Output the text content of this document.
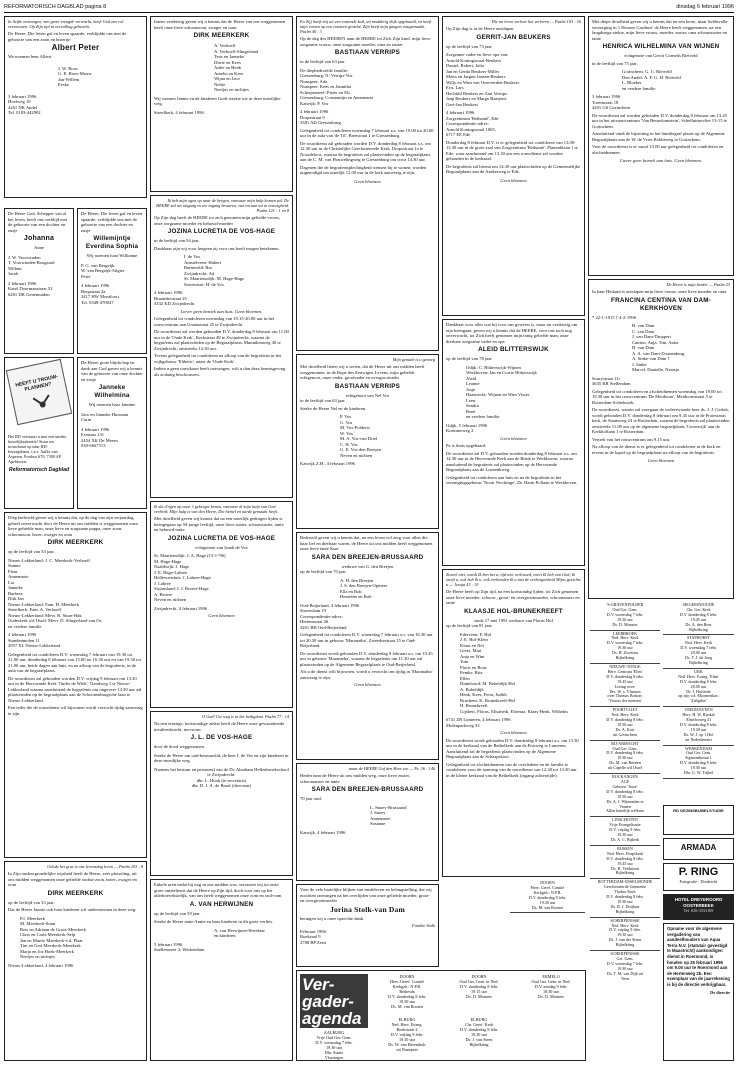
REFORMATORISCH DAGBLAD pagina 8	dinsdag 6 februari 1996
In liefde ontvangen, met grote vreugde verwacht, heeft God ons vol vertrouwen. Op Zijn tijd in vervulling gebracht.
De Heere, Die leven gaf en leven spaarde, verblijdde ons met de geboorte van een zoon en broertje
Albert Peter
We noemen hem Albert
J. W. Roos
G. E. Roos-Mouw
Jan-Willem
Eeske
3 februari 1996
Hoefweg 19
4261 NK Andel
Tel. 0183-442902
De Heere God, Schepper van al het leven, heeft ons verblijd met de geboorte van een dochter en zusje
Johanna
Anne
J. W. Voorwinden
T. Voorwinden-Boogaard
Willem
Jacob
2 februari 1996
Karel Doormanstraat 53
6281 DK Genemuiden
De Heere, Die leven gaf en leven spaarde, verblijdde ons met de geboorte van een dochter en zusje
Willemijntje Everdina Sophia
Wij noemen haar Willianne
P. G. van Bergeijk
W. van Bergeijk-Stigter
Peter
4 februari 1996
Bergstraat 2a
2417 HW Montfoort
Tel. 0348-470047
HEEFT U TROUW-PLANNEN?
Het RD verstuurt u met een unieke huwelijksattentie! Stuur uw trouwkaart op naar RD-bezorgdienst, t.a.v. Aafke van Asperen, Postbus 670, 7300 AP Apeldoorn.
Reformatorisch Dagblad
De Heere grote blijdschap en dank aan God gaven wij u kennis van de geboorte van onze dochter en zusje
Janneke Wilhelmina
Wij noemen haar Jannine
Jaco en Janneke Huisman
Carin
4 februari 1996
Evenaar 131
2454 XK De Meern
030-6667513
Diep bedroefd geven wij u kennis dat, op de dag van zijn verjaardag, geheel onverwacht door de Heere uit ons midden is weggenomen onze lieve gehielde man, onze lieve en zorgzame pappa, onze zoon, schoonzoon, broer, zwager en oom
DIRK MEERKERK
op de leeftijd van 33 jaar.
Nieuw-Lekkerland: J. C. Meerkerk-Verhoeff
Stanne
Fleur
Annemarie
Lia
Janneke
Barbera
Dirk Jan
Nieuw-Lekkerland: Fam. H. Meerkerk
Streefkerk: Fam. A. Verhoeff
Nieuw-Lekkerland: Mevr. B. Sturn-Hak
Ouderkerk a/d IJssel: Mevr. D. Slingerland-van Os
en verdere familie
4 februari 1996
Standenmolen 11
2957 XL Nieuw-Lekkerland
Gelegenheid tot condoleren D.V. woensdag 7 februari van 19.30 tot 21.00 uur, donderdag 8 februari van 15.00 tot 16.30 uur en van 19.30 tot 21.00 uur, beide dagen aan huis, en na afloop van de begrafenis, in de aula van de begraafplaats.
De rouwdienst zal gehouden worden D.V. vrijdag 9 februari om 13.30 uur in de Hervormde Kerk 'Onder de Wiek', Tiendweg 1 te Nieuw-Lekkerland waarna aansluitend de begrafenis om ongeveer 14.30 uur zal plaatsvinden op de begraafplaats aan de Schoonenburgsche laan te Nieuw-Lekkerland.
Een ieder die de rouwdienst wil bijwonen wordt verzocht tijdig aanwezig te zijn.
Gelukt het gras is ons levensdag leven — Psalm 103 : 8
In Zijn ondoorgrondelijke wijsheid heeft de Heere, zeer plotseling, uit ons midden weggenomen onze geliefde oudste zoon, broer, zwager en oom
DIRK MEERKERK
op de leeftijd van 33 jaar.
Dat de Heere Jannie ook haar kinderen wil ondersteunen in deze weg.
P.I. Meerkerk
M. Meerkerk-Stam
Bets en Adriaan de Groot-Meerkerk
Chris en Carla Meerkerk-Selp
Jan en Marrie Meerkerk-v.d. Plaat
Tini en Gert Meerkerk-Meerkerk
Marja en Jos Hoek-Meerkerk
Neefjes en nichtjes
Nieuw-Lekkerland, 4 februari 1996
Intens verdrietig geven wij u kennis dat de Heere van ons weggenomen heeft onze lieve schoonzoon, zwager en oom
DIRK MEERKERK
A. Verhoeff
A. Verhoeff-Slingerland
Teus en Janneke
Dirrie en Kees
Adrie en Henk
Amelia en Kees
Wijna en Jaco
Neltie
Neefjes en nichtjes
Wij wensen Jannie en de kinderen Gods sterkte toe in deze moeilijke weg.
Streefkerk, 4 februari 1996
Ik heb mijn ogen op naar de bergen, vanwaar mijn hulp komen zal. De HEERE zal uw uitgang en uw ingang bewaren, van nu aan tot in eeuwigheid. Psalm 121 : 1 en 8
Op Zijn dag heeft de HEERE tot zich genomen mijn geliefde vrouw, onze zorgzame moeder en behuwd-moeder
JOZINA LUCRETIA DE VOS-HAGE
in de leeftijd van 94 jaar.
Dankbaar zijn wij voor hetgeen zij voor ons heeft mogen betekenen.
I. de Vos
Amstelveen: Hubert
Barneveld: Ria
Zwijndrecht: Ad
St. Maartensdijk: M. Hage-Hage
Stavenisse: H. de Vos
4 februari 1996
Bruanderstraat 25
3332 KD Zwijndrecht
Liever geen bezoek aan huis. Geen bloemen.
Gelegenheid tot condoleren woensdag van 19.15-20.00 uur in het rouwcentrum aan Uraanstraat 25 te Zwijndrecht.
De rouwdienst zal worden gehouden D.V. donderdag 8 februari om 11.00 uur in de 'Oude Kerk', Kerkstraat 49 te Zwijndrecht, waarna de begrafenis zal plaatsvinden op de Begraafplaats, Munnikenweg 40 te Zwijndrecht, omstreeks 12.30 uur.
Tevens gelegenheid tot condoleren na afloop van de begrafenis in het wijkgebouw 'Elthetic', naast de 'Oude Kerk'.
Indien u geen rouwkaart heeft ontvangen, wilt u dan deze kennisgeving als zodanig beschouwen.
Ik sla d'ogen op naar 't gebergte henen, vanwaar ik mijn hulp van God verbeid; Mijn hulp is van den Heere, Die hemel en aarde gemaakt heeft.
Met droefheid geven wij kennis dat na een moeilijk gedragen lijden is heengegaan op 94-jarige leeftijd, onze lieve zuster, schoonzuster, tante en behuwd-tante
JOZINA LUCRETIA DE VOS-HAGE
echtgenote van Izaak de Vos
St. Maartensdijk: J. A. Hage (15-1-'96)
M. Hage-Hage
Naaldwijk: J. Hage
J. E. Hage-Labree
Hellevoetsluis: J. Labree-Hage
J. Labree
Sirjansland: I. J. Broere-Hage
A. Broere
Neven en nichten
Zwijndrecht, 4 februari 1996
Geen bloemen
O God! Uw weg is in het heiligdom. Psalm 77 : 14
Na een ernstige, kortstondige ziekte heeft de Heere onze gewaardeerde invalieerkracht, mevrouw
J. L. DE VOS-HAGE
door de dood weggenomen.
Sterke de Heere om oud-bestuurslid, de heer I. de Vos en zijn kinderen in deze moeilijke weg.
Namens het bestuur en personeel van de Dr. Abraham Hellenbroekschool te Zwijndrecht:
dhr. L. Hook (te secretaris)
dhr. D. J. A. de Brual (directeur)
Enkele uren nadat hij nog in ons midden was, verrasten wij tot onze grote ontsteltenis dat de Heere op Zijn tijd, doch voor ons op het allerhoevekstelijk, van ons heeft weggenomen onze oom en oud-oom
A. VAN HERWIJNEN
op de leeftijd van 59 jaar.
Sterke de Heere tante Annie en haar kinderen in dit grote verlies.
A. van Herwijnen-Havelaar
en kinderen
5 februari 1996
Snellenweer 2, Werkendam
En Zijj hoeft mij uit een ruisende kuil, uit modderig slijk opgehaald, en heeft mijn voeten op een rotsteen gesteld; Zijn heeft mijn gangen vastgemaakt. Psalm 40 : 3
Op de dag des HEEREN nam de HEERE tot Zich Zijn kind, mijn lieve zorgzame vrouw, onze zorgzame moeder, oma en zuster
BASTIAAN VERRIPS
in de leeftijd van 63 jaar
De diepbedroefde familie:
Giessenburg: N. Verrips-Vos
Nunspeet: Ada
Nunspeet: Kees en Jannitha
Scherpenzeel: Pieter en Els
Giessenburg: Constantijn en Annemarie
Katwijk: P. Vos
4 februari 1996
Dorpsstraat 9
3381 AD Giessenburg
Gelegenheid tot condoleren woensdag 7 februari a.s. van 19.00 tot 20.00 uur in de aula van 'de Til', Breestraat 1 te Giessenburg.
De rouwdienst zal gehouden worden D.V. donderdag 8 februari a.s. om 12.30 uur in de Christelijke Gereformeerde Kerk, Dorpsstraat 1a te Noordeloos, waarna de begrafenis zal plaatsvinden op de begraafplaats aan de C. M. van Houwelingweg te Giessenburg om circa 14.30 uur.
Dagenen die de begrafenisplechtigheid wensen bij te wonen, worden uitgenodigd om uiterlijk 12.00 uur in de kerk aanwezig te zijn.
Geen bloemen
Mijn genade is u genoeg
Met droefheid lieten wij u weten, dat de Heere uit ons midden heeft weggenomen, in de Rope des Eeuwigen Levens, mijn geliefde echtgenoot, onze vader, grootvader en overgrootvader
BASTIAAN VERRIPS
echtgenoot van Nel Vos
in de leeftijd van 63 jaar.
Sterke de Heere Nel en de kinderen.
P. Vos
G. Vos
M. Vos-Polderts
W. Vos
M. A. Vos-van Driel
C. H. Vos
G. E. Vos-den Breejen
Neven en nichten
Katwijk Z.H., 4 februari 1996
Bedroefd geven wij u kennis dat, na een leven vol zorg voor allen die haar lief en dierbaar waren, de Heere uit ons midden heeft weggenomen onze lieve tante Saar
SARA DEN BREEJEN-BRUSSAARD
weduwe van G. den Breejen
op de leeftijd van 70 jaar.
A. H. den Breejen
J. S. den Breejen-Opmeer
Ella en Bob
Henriëtte en Rob
Oud-Beijerland, 4 februari 1996
Stavenlaan 19
Correspondentie-adres:
Hertenstraat 26
3261 BH Oud-Beijerland
Gelegenheid tot condoleren D.V. woensdag 7 februari a.s. van 16.30 uur tot 20.30 uur in gebouw 'Maranatha', Zweedsestraat 15 te Oud-Beijerland.
De rouwdienst wordt gehouden D.V. donderdag 8 februari a.s. om 10.45 uur in gebouw 'Maranatha', waarna de begrafenis om 11.30 uur zal plaatsvinden op de Algemene Begraafplaats te Oud-Beijerland.
Als u de dienst wilt bijwonen, wordt u verzocht om tijdig in 'Maranatha' aanwezig te zijn.
Geen bloemen
maar de HEERE Gaf den Heer toe — Ps. 36 : 146
Heden nam de Heere uit ons midden weg, onze lieve zuster, schoonzuster en tante
SARA DEN BREEJEN-BRUSSAARD
70 jaar oud.
L. Snoey-Brussaard
J. Snoey
Annemarie
Susanne
Katwijk, 4 februari 1996
Voor de vele hartelijke blijken van medeleven en belangstelling, die wij mochten ontvangen na het overlijden van onze geliefde moeder, groot- en overgrootmoeder
Jorina Stolk-van Dam
betuigen wij u onze oprechte dank.
Familie Stolk
Februari 1996
Boekzaal 9
2788 BP Zeist
Ver-gader-agenda
AALBURG
Vrije Oud Ger. Gem.
D.V. woensdag 7 febr.
19.30 uur
Dhr. Staats
Vlassingen
DOORN
Herv. Geref. Comité
Kerkgeb.: N.P.B.
Bethesda
D.V. donderdag 8 febr.
19.30 uur
Ds. M. van Rooten
ELBURG
Ned. Herv. Evang.
Boekstraat 2
D.V. vrijdag 9 febr.
19.30 uur
Ds. W. van Herenthals
uit Nunspeet
DOORN
Oud Ger. Gem. in Ned.
D.V. donderdag 8 febr.
19.15 uur
Ds. D. Monster
ELBURG
Chr. Geref. Kerk
D.V. donderdag 8 febr.
19.30 uur
Ds. J. van Steen
Bijbelkring
ERMELO
Oud Ger. Gem. in Ned.
D.V. zondag 9 febr.
18.30 uur
Ds. D. Monster
Die nu leven verloor het verloren — Psalm 103 : 16
Op Zijn dag is in de Heere ontslapen
GERRIT-JAN BEUKERS
op de leeftijd van 73 jaar.
Zorgzame vader en lieve opa van:
Arnold Koningswaal-Beukers
Daniel, Robert, Julia
Jan en Gerda Beukers-Miller
Metta en Jurgen Jansen-Beukers
Willy en Wim van Ooerverden-Beukers
Eva, Lars
Hechtild Beukers en Aart Verrips
Jaap Beukers en Margo Baarjens
Gert-Jan Beukers
4 februari 1996
Zorgcentrum 'Bethanië', Ede
Correspondentie-adres:
Arnold Koningswaal 1005,
6717 EE Ede
Donderdag 8 februari D.V. is er gelegenheid tot condoleren van 13.00-13.30 uur in de grote zaal van Zorgcentrum 'Bethanië', Plattenblaan 1 te Ede, waar aansluitend om 13.30 uur een rouwdienst zal worden gehouden in de kerkzaal.
De begrafenis zal hierna om 14.30 uur plaatsvinden op de Gemeentelijke Begraafplaats aan de Aaakerweg te Ede.
Geen bloemen
Dankbaar voor alles wat hij voor ons geweest is, maar nu verdrietig om zijn heengaan, geven wij u kennis dat de HEERE, voor ons toch nog onverwacht, tot Zich heeft genomen mijn innig geliefde man, onze dierbare zorgzame vader en opa
ALEID BLITTERSWIJK
op de leeftijd van 78 jaar.
Odijk: C. Blitterswijk-Wijnen
Werkhoven: Jan en Corrie Blitterswijk
Aleid
Leanne
Josje
Haastrecht: Wijnen en Wim Visser
Leen
Sandra
René
en verdere familie
Odijk, 5 februari 1996
Krommeweg 2
Geen bloemen
Pa is thuis opgebaard.
De rouwdienst zal D.V. gehouden worden donderdag 8 februari a.s. om 14.30 uur in de Hervormde Kerk aan de Brink te Werkhoven, waarna aansluitend de begrafenis zal plaatsvinden op de Hervormde Begraafplaats aan de Loenenkweg.
Gelegenheid tot condoleren aan huis en na de begrafenis in het verenigingsgebouw 'Nooit Verchinge', Dr. Harm Pollaan te Werkhoven.
Zoveel niet, wordt Ik ben het u, tijd niet verlossed, voert Ik heb van God; Ik sterft u, ook heb Ik u, ook verbonden Ik u met de verborgenheid Mijns gezichts u — Jesaja 43 : 19
De Heere heeft op Zijn tijd, na een kortstondig lijden, tot Zich genomen onze lieve moeder, schoon-, groot- en overgrootmoeder, schoonzuster en tante
KLAASJE HOL-BRUNEKREEFT
sinds 17 mei 1991 weduwe van Florus Hol
op de leeftijd van 81 jaar.
Ederveen: F. Hol
J. E. Hol-Klein
Klaas en Nel
Greet, Mart
Anja en Wim
Tom
Floris en Rosa
Femke, Rita
Ellen
Dinteloord: M. Bobeldijk-Hol
A. Bobeldijk
Henk, Kees, Fetra, Judith
Bruchem: K. Brunekreeft-Hol
H. Brunekreeft
Gijsbert, Florus, Elisabeth, Elsemia, Klaas-Henk, Wilhelm
6741 ZR Lunteren, 4 februari 1996
Molenparkweg 33
Geen bloemen
De rouwdienst wordt gehouden D.V. donderdag 8 februari a.s. om 13.30 uur in de kerkzaal van de Bethelkerk aan de Postweg te Lunteren. Aansluitend zal de begrafenis plaatsvinden op de Algemene Begraafplaats aan de Schaapskooi.
Gelegenheid tot afscheidnemen van de overledene en de familie te condoleren voor de aanvang van de rouwdienst van 12.30 tot 13.30 uur in de kleine kerkzaal van de Bethelkerk (ingang achterzijde).
DOORN
Herv. Geref. Comité
Kerkgeb.: N.P.B.
D.V. donderdag 8 febr.
19.30 uur
Ds. M. van Rooten
Met diepe droefheid geven wij u kennis dat na een korte, maar liefdevolle verzorging in 't Nieuwe Gasthuis' de Heere heeft weggenomen, na een langdurige ziekte, mijn lieve vrouw, moeder, zuster, oma schoonzuster en tante
HENRICA WILHELMINA VAN WIJNEN
echtgenote van Gerrit Cornelis Rietveld
in de leeftijd van 75 jaar.
Gorinchem: G. C. Rietveld
Den Andel: A. F. G. H. Rietveld
L. Bloeker
en verdere familie
3 februari 1996
Torenstraat 18
4201 GS Gorinchem
De rouwdienst zal worden gehouden D.V. donderdag 8 februari om 13.45 uur in het uitvaartcentrum 'Van Beusekomstein', Schelluinsevliet 13-15 te Gorinchem.
Aansluitend vindt de bijzetting in het familiegraf plaats op de Algemene Begraafplaats aan de W. de Vries Robbeweg te Gorinchem.
Voor de rouwdienst is er vanaf 13.00 uur gelegenheid tot condoleren en afscheidnemen.
Liever geen bezoek aan huis. Geen bloemen.
De Heere is mijn herder — Psalm 23
In haar Heiland is ontslapen mijn lieve vrouw, onze lieve moeder en oma
FRANCINA CENTINA VAN DAM-KERKHOVEN
* 22-1-1915 † 4-2-1996
H. van Dam
C. van Dam
J. van Dam-Droppert
Catrien, Anja, Tim, Anita
H. van Dam
A. A. van Dam-Zwanenburg
A. Sinke-van Dam †
J. Sinke
Marcel, Danielle, Natasja
Sourystraat 11c
3635 KR Stellendam
Gelegenheid tot condoleren en afscheidnemen woensdag van 19.00 tot 19.30 uur in het rouwcentrum 'De Meidoorn', Meidoornstraat 5 te Rotterdam-Schiebroek.
De rouwdienst, waarin zal voorgaan de weleerwaarde heer ds. J. J. Gerlab, wordt gehouden D.V. donderdag 8 februari om 9.45 uur in de Protestants kerk, de Staatsweg 24 te Rotterdam, waarna de begrafenis zal plaatsvinden omstreeks 11.00 uur op de algemene begraafplaats 'Crooswijk' aan de Kerkhoflaan 1 te Rotterdam.
Vertrek van het rouwcentrum om 9.15 uur.
Na afloop van de dienst is er gelegenheid tot condoleren in de kerk en tevens in de kapel op de begraafplaats na afloop van de begrafenis.
Geen bloemen
'S-GRAVENPOLDER
Oud Ger. Gem.
D.V. woensdag 7 febr.
19.30 uur
Ds. D. Monster
LEERBROEK
Ned. Herv. Kerk
D.V. woensdag 7 febr.
19.30 uur
Ds. H. Zweistra
Bijbelkring
NIEUWE-TONGE
Herv. Centrum 'Elim'
D.V. donderdag 8 febr.
19.45 uur
Lezing over:
Drs. W. v. Vlastuin
over Thomas Boston:
'Vissers der mensen'
POORTVLIET
Ned. Herv. Kerk
D.V. donderdag 8 febr.
19.30 uur
Ds. A. Kort
uit Gorinchem
RIJ-ARMACHT
Oud Ger. Gem.
D.V. donderdag 8 febr.
19.30 uur
Ds. M. van Reenen
uit Capelle a/d IJssel
ROCKANGEN
AGF
Gebouw 'Jesse'
D.V. donderdag 8 febr.
19.30 uur
Ds. A. J. Wijnmalen te
Vianen
Allen hartelijk welkom
LINSCHOTEN
Vrije Evangelisatie
D.V. vrijdag 9 febr.
19.30 uur
Ds. A. C. Bijkerk
RIJSSEN
Ned. Herv. Dorpskerk
D.V. donderdag 8 febr.
19.45 uur
Ds. R. Velduizen
Bijbelkring
ROTTERDAM-IJSSELMONDE
Gereformeerde Gemeente
Thabor Kerk
D.V. donderdag 8 febr.
19.30 uur
Ds. R. J. Dorjbart
Bijbelkring
SCHERPENISSE
Ned. Herv. Kerk
D.V. vrijdag 9 febr.
19.30 uur
Ds. J. van der Steen
Bijbelkring
SCHERPENISSE
Ger. Gem.
D.V. woensdag 7 febr.
19.30 uur
Ds. T. M. van Dijk uit
Veen
SIEGERSWOUDE
Chr. Ger. Kerk
D.V. donderdag 8 febr.
19.45 uur
Ds. A. den Boer
Bijbelkring
STAPHORST
Ned. Herv. Kerk
D.V. woensdag 7 febr.
20.00 uur
Ds. T. J. de Jong
Bijbelkring
URK
Ned. Herv. Evang. 'Elim'
D.V. donderdag 8 febr.
20.00 uur
Dr. J. Hofstede
op zijn v.d. Moomenkas:
'Zaligdoe'
VRIEZENVEEN
Herv. H. W. Rietkal
Almelosweg 41
D.V. donderdag 8 febr.
19.30 uur
Ds. W. J. op 't Hof
uit Nederhemert
WERKENDAM
Oud Ger. Gem.
Sigmondstraat 1
D.V. donderdag 8 febr.
19.30 uur
Dhr. G. W. Trijbel
RD GEZINSBIJBELSTUDIE
ARMADA
P. RING
Fotografie - Dordrecht
HOTEL DREYEROORD OOSTERBEEK
Tel. 026-3333169
Opname voor de algemene vergadering van aandeelhouders van Aqua Terra N.V. (statutair gevestigd te Maastricht) aankondigen dienst in Roermond, is houden op 25 februari 1996 om 9.00 uur te Roermond aan de Hertenweg 2b. Een exemplaar van de jaarrekening is bij de directie verkrijgbaar.
De directie
